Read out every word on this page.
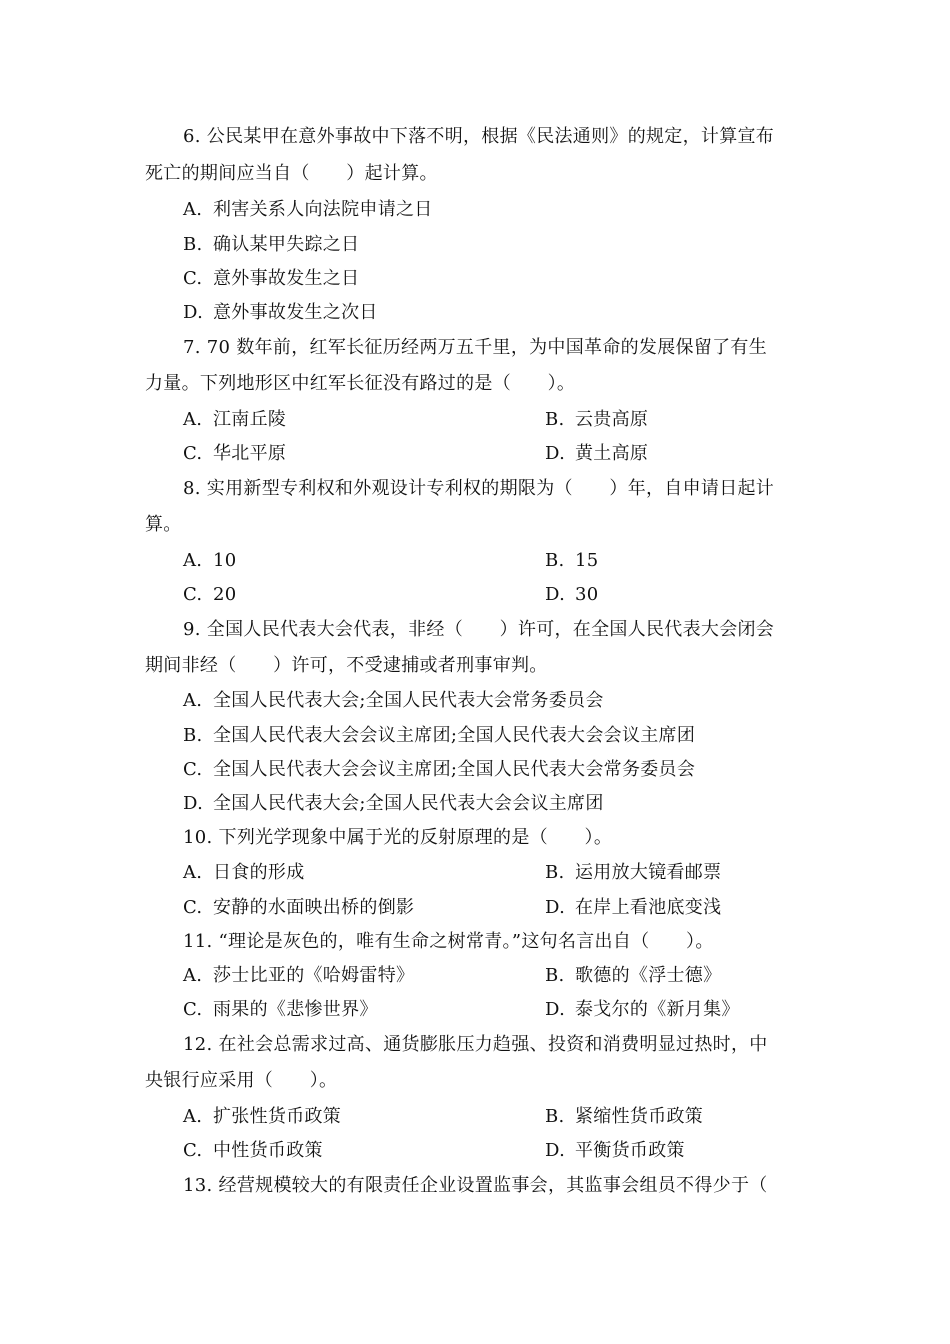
6. 公民某甲在意外事故中下落不明，根据《民法通则》的规定，计算宣布
死亡的期间应当自（　　）起计算。
A. 利害关系人向法院申请之日
B. 确认某甲失踪之日
C. 意外事故发生之日
D. 意外事故发生之次日
7. 70 数年前，红军长征历经两万五千里，为中国革命的发展保留了有生
力量。下列地形区中红军长征没有路过的是（　　）。
A. 江南丘陵	B. 云贵高原
C. 华北平原	D. 黄土高原
8. 实用新型专利权和外观设计专利权的期限为（　　）年，自申请日起计
算。
A. 10	B. 15
C. 20	D. 30
9. 全国人民代表大会代表，非经（　　）许可，在全国人民代表大会闭会
期间非经（　　）许可，不受逮捕或者刑事审判。
A. 全国人民代表大会;全国人民代表大会常务委员会
B. 全国人民代表大会会议主席团;全国人民代表大会会议主席团
C. 全国人民代表大会会议主席团;全国人民代表大会常务委员会
D. 全国人民代表大会;全国人民代表大会会议主席团
10. 下列光学现象中属于光的反射原理的是（　　）。
A. 日食的形成	B. 运用放大镜看邮票
C. 安静的水面映出桥的倒影	D. 在岸上看池底变浅
11. “理论是灰色的，唯有生命之树常青。”这句名言出自（　　）。
A. 莎士比亚的《哈姆雷特》	B. 歌德的《浮士德》
C. 雨果的《悲惨世界》	D. 泰戈尔的《新月集》
12. 在社会总需求过高、通货膨胀压力趋强、投资和消费明显过热时，中
央银行应采用（　　）。
A. 扩张性货币政策	B. 紧缩性货币政策
C. 中性货币政策	D. 平衡货币政策
13. 经营规模较大的有限责任企业设置监事会，其监事会组员不得少于（
